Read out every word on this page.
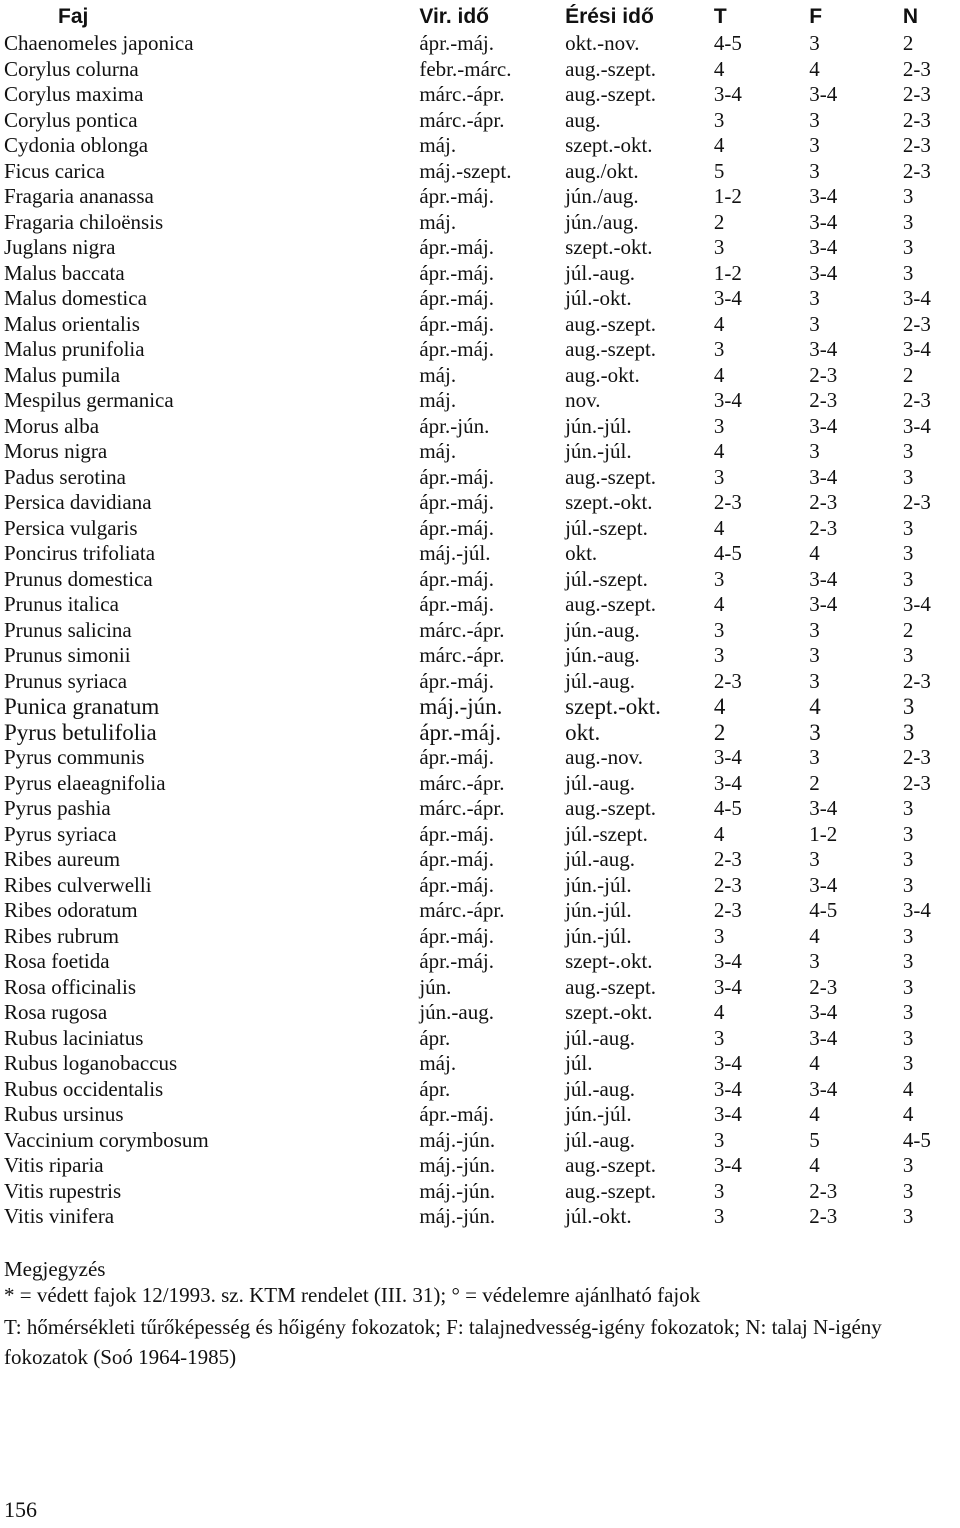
Faj	Vir. idő	Érési idő	T	F	N
Chaenomeles japonica	ápr.-máj.	okt.-nov.	4-5	3	2
Corylus colurna	febr.-márc.	aug.-szept.	4	4	2-3
Corylus maxima	márc.-ápr.	aug.-szept.	3-4	3-4	2-3
Corylus pontica	márc.-ápr.	aug.	3	3	2-3
Cydonia oblonga	máj.	szept.-okt.	4	3	2-3
Ficus carica	máj.-szept.	aug./okt.	5	3	2-3
Fragaria ananassa	ápr.-máj.	jún./aug.	1-2	3-4	3
Fragaria chiloënsis	máj.	jún./aug.	2	3-4	3
Juglans nigra	ápr.-máj.	szept.-okt.	3	3-4	3
Malus baccata	ápr.-máj.	júl.-aug.	1-2	3-4	3
Malus domestica	ápr.-máj.	júl.-okt.	3-4	3	3-4
Malus orientalis	ápr.-máj.	aug.-szept.	4	3	2-3
Malus prunifolia	ápr.-máj.	aug.-szept.	3	3-4	3-4
Malus pumila	máj.	aug.-okt.	4	2-3	2
Mespilus germanica	máj.	nov.	3-4	2-3	2-3
Morus alba	ápr.-jún.	jún.-júl.	3	3-4	3-4
Morus nigra	máj.	jún.-júl.	4	3	3
Padus serotina	ápr.-máj.	aug.-szept.	3	3-4	3
Persica davidiana	ápr.-máj.	szept.-okt.	2-3	2-3	2-3
Persica vulgaris	ápr.-máj.	júl.-szept.	4	2-3	3
Poncirus trifoliata	máj.-júl.	okt.	4-5	4	3
Prunus domestica	ápr.-máj.	júl.-szept.	3	3-4	3
Prunus italica	ápr.-máj.	aug.-szept.	4	3-4	3-4
Prunus salicina	márc.-ápr.	jún.-aug.	3	3	2
Prunus simonii	márc.-ápr.	jún.-aug.	3	3	3
Prunus syriaca	ápr.-máj.	júl.-aug.	2-3	3	2-3
Punica granatum	máj.-jún.	szept.-okt.	4	4	3
Pyrus betulifolia	ápr.-máj.	okt.	2	3	3
Pyrus communis	ápr.-máj.	aug.-nov.	3-4	3	2-3
Pyrus elaeagnifolia	márc.-ápr.	júl.-aug.	3-4	2	2-3
Pyrus pashia	márc.-ápr.	aug.-szept.	4-5	3-4	3
Pyrus syriaca	ápr.-máj.	júl.-szept.	4	1-2	3
Ribes aureum	ápr.-máj.	júl.-aug.	2-3	3	3
Ribes culverwelli	ápr.-máj.	jún.-júl.	2-3	3-4	3
Ribes odoratum	márc.-ápr.	jún.-júl.	2-3	4-5	3-4
Ribes rubrum	ápr.-máj.	jún.-júl.	3	4	3
Rosa foetida	ápr.-máj.	szept-.okt.	3-4	3	3
Rosa officinalis	jún.	aug.-szept.	3-4	2-3	3
Rosa rugosa	jún.-aug.	szept.-okt.	4	3-4	3
Rubus laciniatus	ápr.	júl.-aug.	3	3-4	3
Rubus loganobaccus	máj.	júl.	3-4	4	3
Rubus occidentalis	ápr.	júl.-aug.	3-4	3-4	4
Rubus ursinus	ápr.-máj.	jún.-júl.	3-4	4	4
Vaccinium corymbosum	máj.-jún.	júl.-aug.	3	5	4-5
Vitis riparia	máj.-jún.	aug.-szept.	3-4	4	3
Vitis rupestris	máj.-jún.	aug.-szept.	3	2-3	3
Vitis vinifera	máj.-jún.	júl.-okt.	3	2-3	3

Megjegyzés

* = védett fajok 12/1993. sz. KTM rendelet (III. 31); ° = védelemre ajánlható fajok

T: hőmérsékleti tűrőképesség és hőigény fokozatok; F: talajnedvesség-igény fokozatok; N: talaj N-igény fokozatok (Soó 1964-1985)

156
